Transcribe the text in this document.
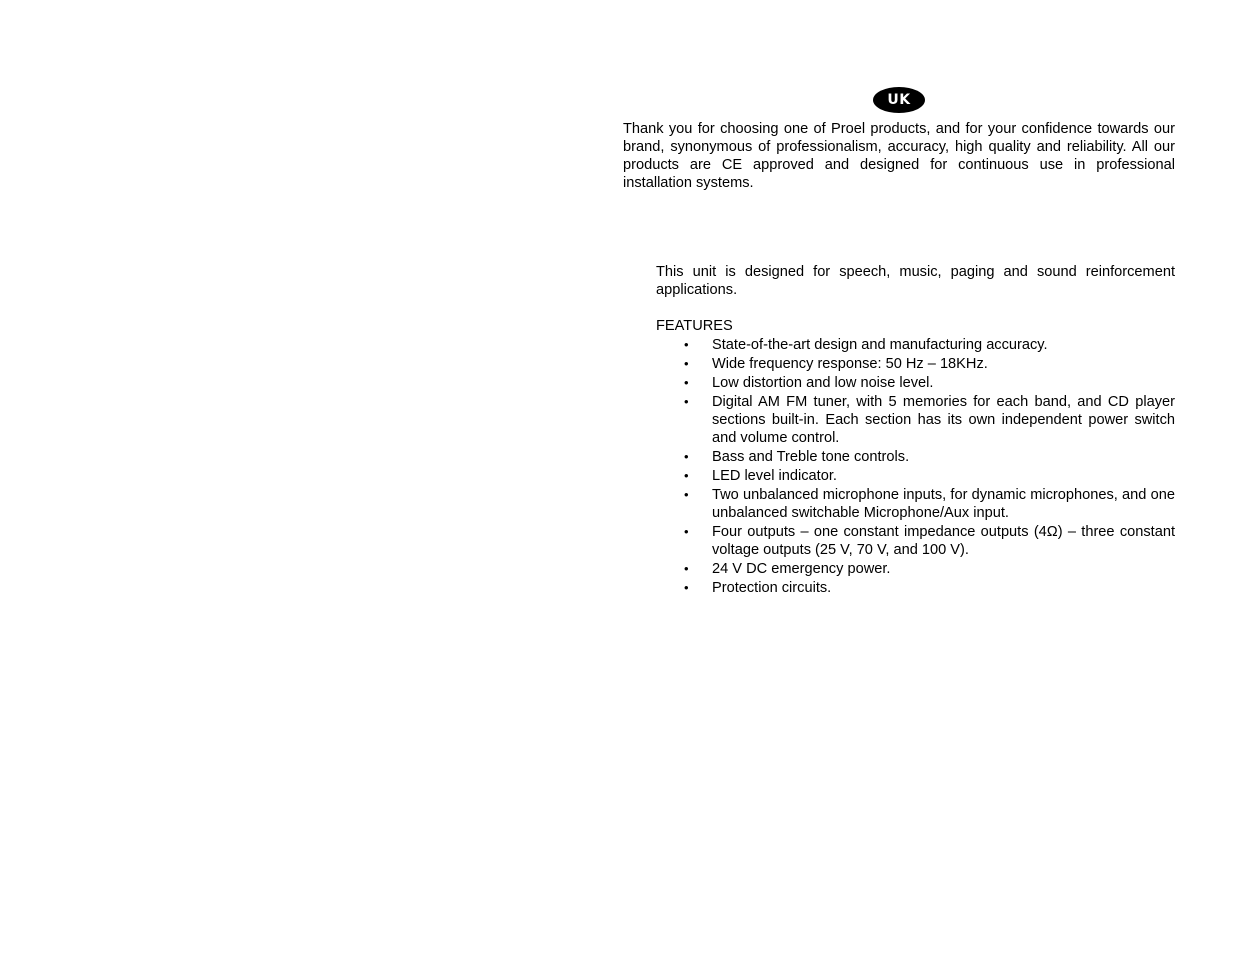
UK

Thank you for choosing one of Proel products, and for your confidence towards our brand, synonymous of professionalism, accuracy, high quality and reliability. All our products are CE approved and designed for continuous use in professional installation systems.

This unit is designed for speech, music, paging and sound reinforcement applications.

FEATURES

• State-of-the-art design and manufacturing accuracy.
• Wide frequency response: 50 Hz – 18KHz.
• Low distortion and low noise level.
• Digital AM FM tuner, with 5 memories for each band, and CD player sections built-in. Each section has its own independent power switch and volume control.
• Bass and Treble tone controls.
• LED level indicator.
• Two unbalanced microphone inputs, for dynamic microphones, and one unbalanced switchable Microphone/Aux input.
• Four outputs – one constant impedance outputs (4Ω) – three constant voltage outputs (25 V, 70 V, and 100 V).
• 24 V DC emergency power.
• Protection circuits.
